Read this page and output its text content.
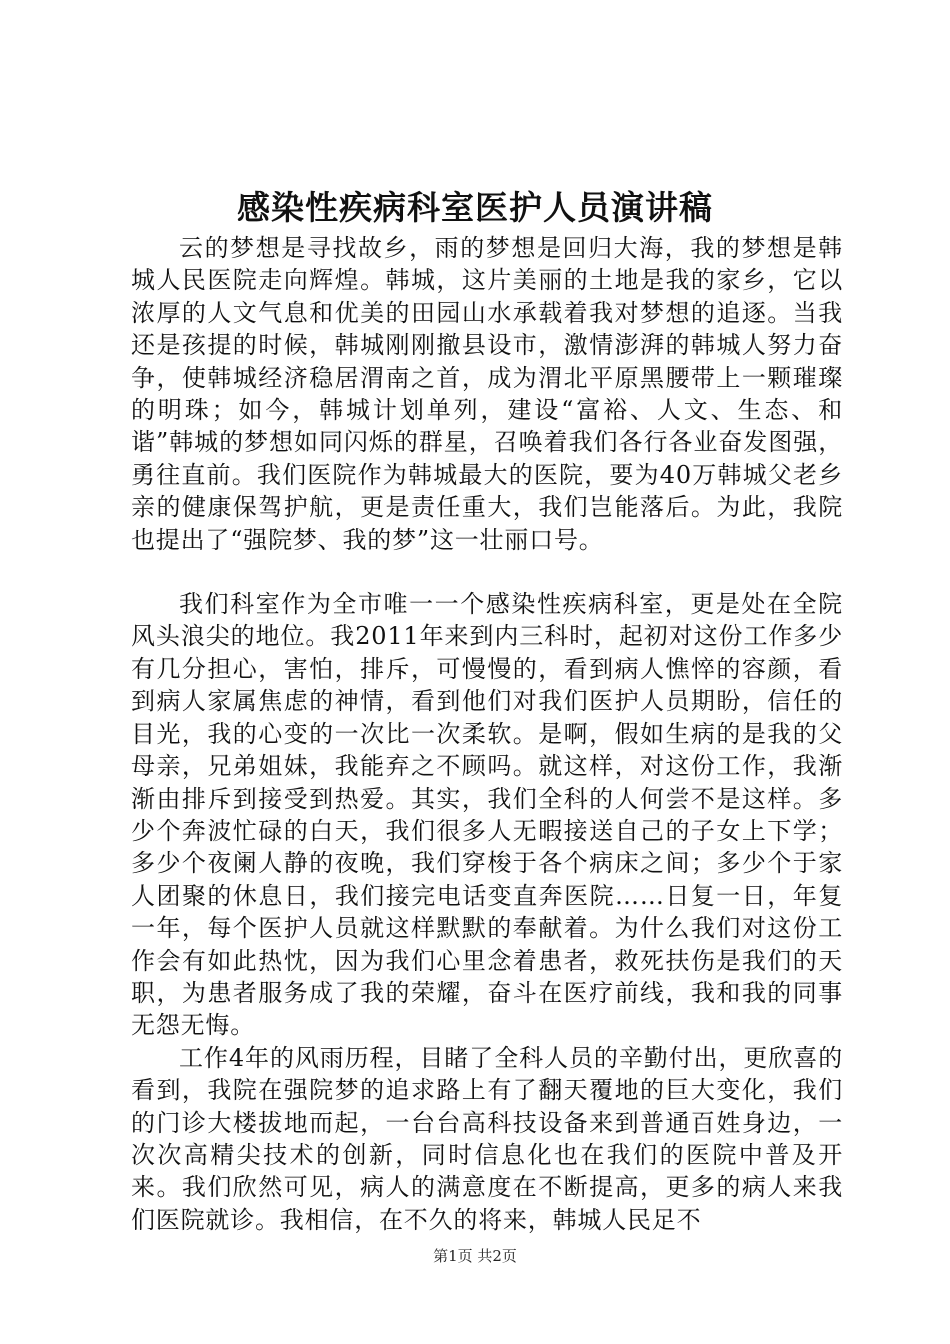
感染性疾病科室医护人员演讲稿

云的梦想是寻找故乡，雨的梦想是回归大海，我的梦想是韩城人民医院走向辉煌。韩城，这片美丽的土地是我的家乡，它以浓厚的人文气息和优美的田园山水承载着我对梦想的追逐。当我还是孩提的时候，韩城刚刚撤县设市，激情澎湃的韩城人努力奋争，使韩城经济稳居渭南之首，成为渭北平原黑腰带上一颗璀璨的明珠；如今，韩城计划单列，建设“富裕、人文、生态、和谐”韩城的梦想如同闪烁的群星，召唤着我们各行各业奋发图强，勇往直前。我们医院作为韩城最大的医院，要为40万韩城父老乡亲的健康保驾护航，更是责任重大，我们岂能落后。为此，我院也提出了“强院梦、我的梦”这一壮丽口号。

我们科室作为全市唯一一个感染性疾病科室，更是处在全院风头浪尖的地位。我2011年来到内三科时，起初对这份工作多少有几分担心，害怕，排斥，可慢慢的，看到病人憔悴的容颜，看到病人家属焦虑的神情，看到他们对我们医护人员期盼，信任的目光，我的心变的一次比一次柔软。是啊，假如生病的是我的父母亲，兄弟姐妹，我能弃之不顾吗。就这样，对这份工作，我渐渐由排斥到接受到热爱。其实，我们全科的人何尝不是这样。多少个奔波忙碌的白天，我们很多人无暇接送自己的子女上下学；多少个夜阑人静的夜晚，我们穿梭于各个病床之间；多少个于家人团聚的休息日，我们接完电话变直奔医院……日复一日，年复一年，每个医护人员就这样默默的奉献着。为什么我们对这份工作会有如此热忱，因为我们心里念着患者，救死扶伤是我们的天职，为患者服务成了我的荣耀，奋斗在医疗前线，我和我的同事无怨无悔。

工作4年的风雨历程，目睹了全科人员的辛勤付出，更欣喜的看到，我院在强院梦的追求路上有了翻天覆地的巨大变化，我们的门诊大楼拔地而起，一台台高科技设备来到普通百姓身边，一次次高精尖技术的创新，同时信息化也在我们的医院中普及开来。我们欣然可见，病人的满意度在不断提高，更多的病人来我们医院就诊。我相信，在不久的将来，韩城人民足不

第1页 共2页
